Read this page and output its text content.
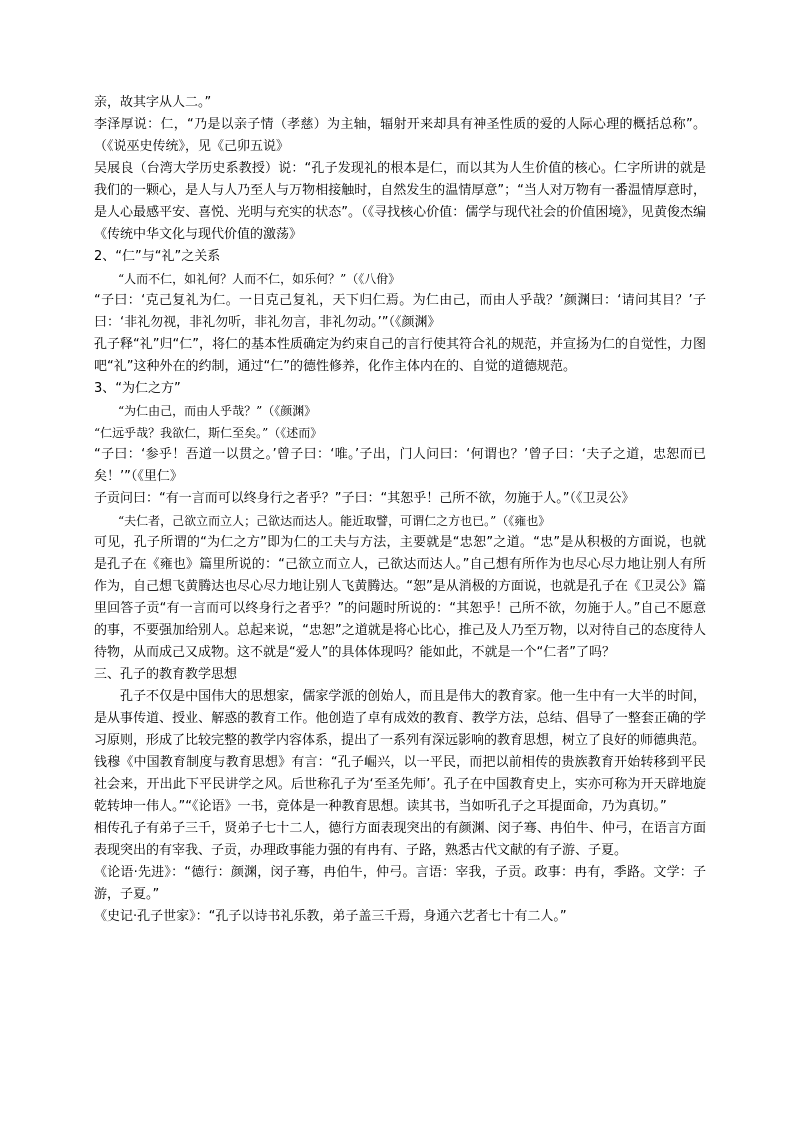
亲，故其字从人二。”

李泽厚说：仁，“乃是以亲子情（孝慈）为主轴，辐射开来却具有神圣性质的爱的人际心理的概括总称”。（《说巫史传统》，见《己卯五说》

吴展良（台湾大学历史系教授）说：“孔子发现礼的根本是仁，而以其为人生价值的核心。仁字所讲的就是我们的一颗心，是人与人乃至人与万物相接触时，自然发生的温情厚意”；“当人对万物有一番温情厚意时，是人心最感平安、喜悦、光明与充实的状态”。（《寻找核心价值：儒学与现代社会的价值困境》，见黄俊杰编《传统中华文化与现代价值的激荡》

2、“仁”与“礼”之关系

“人而不仁，如礼何？人而不仁，如乐何？”（《八佾》

“子曰：‘克己复礼为仁。一日克己复礼，天下归仁焉。为仁由己，而由人乎哉？’颜渊曰：‘请问其目？’子曰：‘非礼勿视，非礼勿听，非礼勿言，非礼勿动。’”（《颜渊》

孔子释“礼”归“仁”，将仁的基本性质确定为约束自己的言行使其符合礼的规范，并宣扬为仁的自觉性，力图吧“礼”这种外在的约制，通过“仁”的德性修养，化作主体内在的、自觉的道德规范。

3、“为仁之方”

“为仁由己，而由人乎哉？”（《颜渊》

“仁远乎哉？我欲仁，斯仁至矣。”（《述而》

“子曰：‘参乎！吾道一以贯之。’曾子曰：‘唯。’子出，门人问曰：‘何谓也？’曾子曰：‘夫子之道，忠恕而已矣！’”（《里仁》

子贡问曰：“有一言而可以终身行之者乎？”子曰：“其恕乎！己所不欲，勿施于人。”（《卫灵公》

“夫仁者，己欲立而立人；己欲达而达人。能近取譬，可谓仁之方也已。”（《雍也》

可见，孔子所谓的“为仁之方”即为仁的工夫与方法，主要就是“忠恕”之道。“忠”是从积极的方面说，也就是孔子在《雍也》篇里所说的：“己欲立而立人，己欲达而达人。”自己想有所作为也尽心尽力地让别人有所作为，自己想飞黄腾达也尽心尽力地让别人飞黄腾达。“恕”是从消极的方面说，也就是孔子在《卫灵公》篇里回答子贡“有一言而可以终身行之者乎？”的问题时所说的：“其恕乎！己所不欲，勿施于人。”自己不愿意的事，不要强加给别人。总起来说，“忠恕”之道就是将心比心，推己及人乃至万物，以对待自己的态度待人待物，从而成己又成物。这不就是“爱人”的具体体现吗？能如此，不就是一个“仁者”了吗？

三、孔子的教育教学思想

孔子不仅是中国伟大的思想家，儒家学派的创始人，而且是伟大的教育家。他一生中有一大半的时间，是从事传道、授业、解惑的教育工作。他创造了卓有成效的教育、教学方法，总结、倡导了一整套正确的学习原则，形成了比较完整的教学内容体系，提出了一系列有深远影响的教育思想，树立了良好的师德典范。

钱穆《中国教育制度与教育思想》有言：“孔子崛兴，以一平民，而把以前相传的贵族教育开始转移到平民社会来，开出此下平民讲学之风。后世称孔子为‘至圣先师’。孔子在中国教育史上，实亦可称为开天辟地旋乾转坤一伟人。”“《论语》一书，竟体是一种教育思想。读其书，当如听孔子之耳提面命，乃为真切。”

相传孔子有弟子三千，贤弟子七十二人，德行方面表现突出的有颜渊、闵子骞、冉伯牛、仲弓，在语言方面表现突出的有宰我、子贡，办理政事能力强的有冉有、子路，熟悉古代文献的有子游、子夏。

《论语·先进》：“德行：颜渊，闵子骞，冉伯牛，仲弓。言语：宰我，子贡。政事：冉有，季路。文学：子游，子夏。”

《史记·孔子世家》：“孔子以诗书礼乐教，弟子盖三千焉，身通六艺者七十有二人。”
